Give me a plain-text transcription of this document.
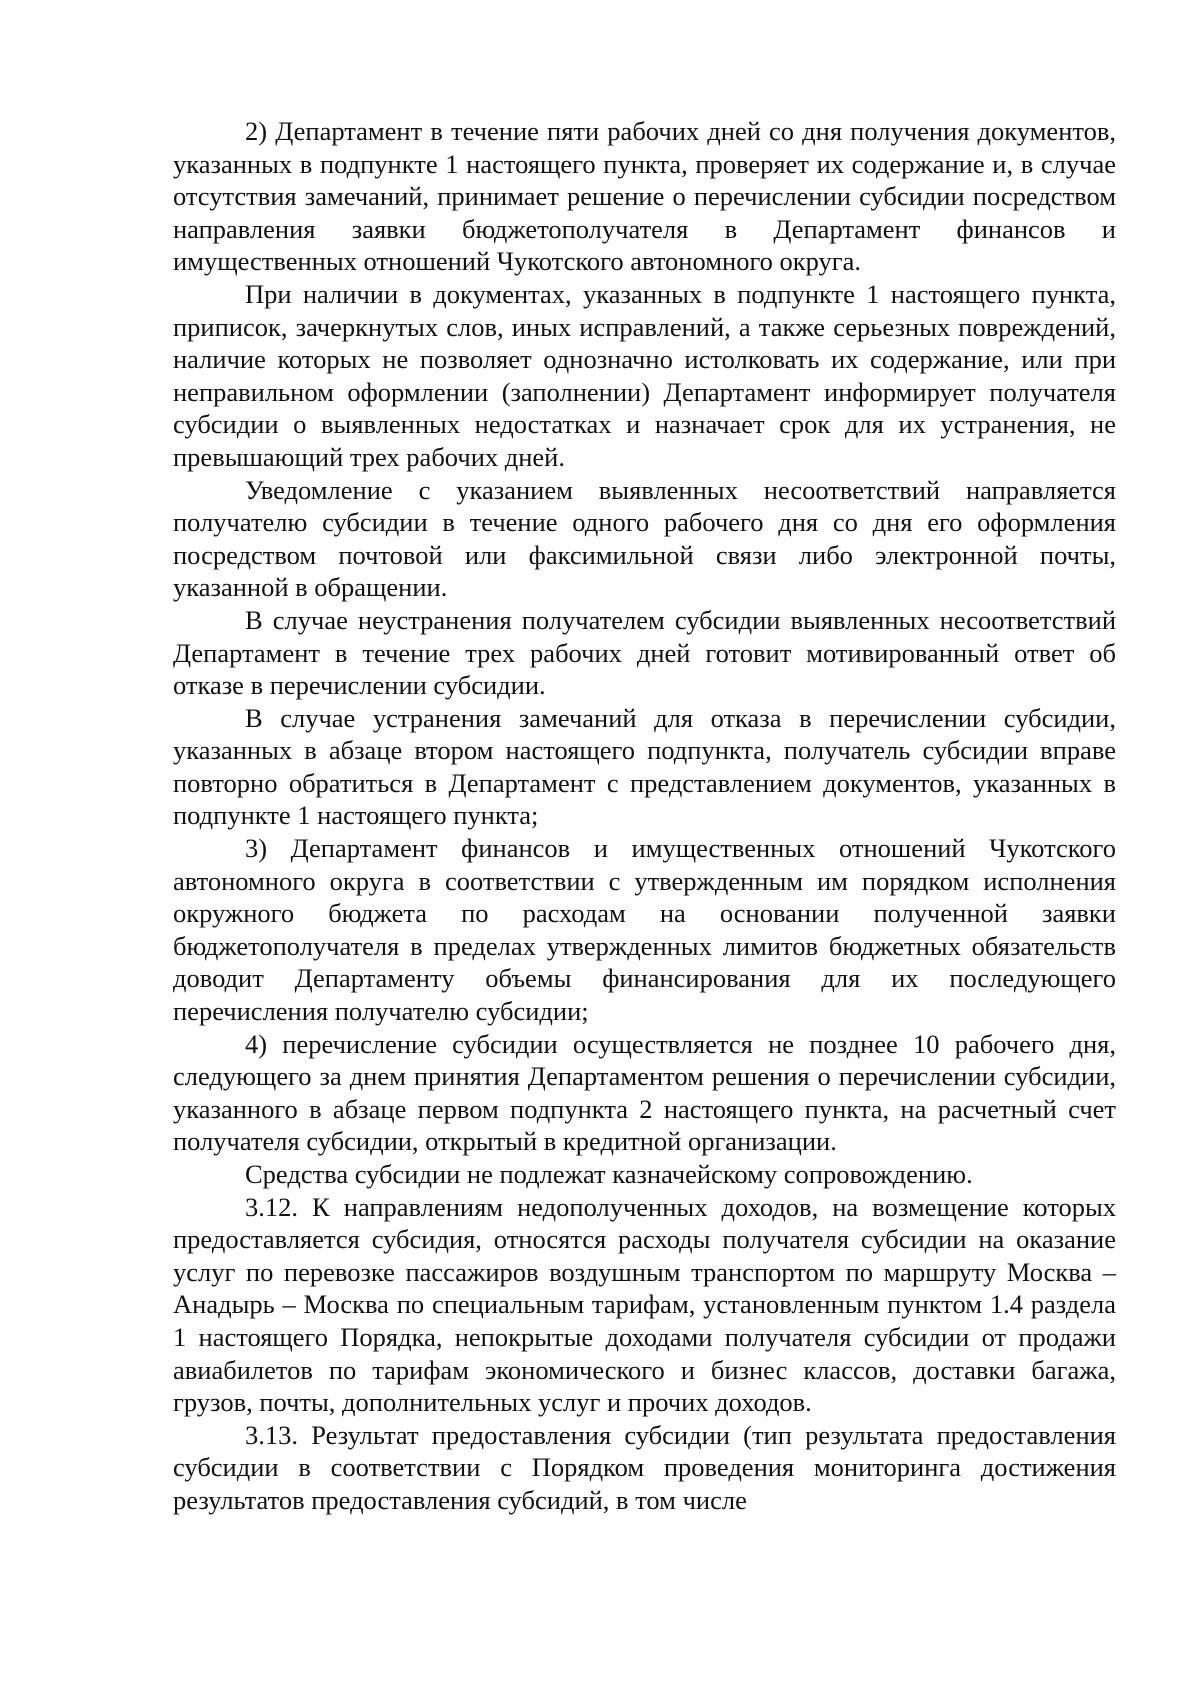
2) Департамент в течение пяти рабочих дней со дня получения документов, указанных в подпункте 1 настоящего пункта, проверяет их содержание и, в случае отсутствия замечаний, принимает решение о перечислении субсидии посредством направления заявки бюджетополучателя в Департамент финансов и имущественных отношений Чукотского автономного округа.

При наличии в документах, указанных в подпункте 1 настоящего пункта, приписок, зачеркнутых слов, иных исправлений, а также серьезных повреждений, наличие которых не позволяет однозначно истолковать их содержание, или при неправильном оформлении (заполнении) Департамент информирует получателя субсидии о выявленных недостатках и назначает срок для их устранения, не превышающий трех рабочих дней.

Уведомление с указанием выявленных несоответствий направляется получателю субсидии в течение одного рабочего дня со дня его оформления посредством почтовой или факсимильной связи либо электронной почты, указанной в обращении.

В случае неустранения получателем субсидии выявленных несоответствий Департамент в течение трех рабочих дней готовит мотивированный ответ об отказе в перечислении субсидии.

В случае устранения замечаний для отказа в перечислении субсидии, указанных в абзаце втором настоящего подпункта, получатель субсидии вправе повторно обратиться в Департамент с представлением документов, указанных в подпункте 1 настоящего пункта;

3) Департамент финансов и имущественных отношений Чукотского автономного округа в соответствии с утвержденным им порядком исполнения окружного бюджета по расходам на основании полученной заявки бюджетополучателя в пределах утвержденных лимитов бюджетных обязательств доводит Департаменту объемы финансирования для их последующего перечисления получателю субсидии;

4) перечисление субсидии осуществляется не позднее 10 рабочего дня, следующего за днем принятия Департаментом решения о перечислении субсидии, указанного в абзаце первом подпункта 2 настоящего пункта, на расчетный счет получателя субсидии, открытый в кредитной организации.

Средства субсидии не подлежат казначейскому сопровождению.

3.12. К направлениям недополученных доходов, на возмещение которых предоставляется субсидия, относятся расходы получателя субсидии на оказание услуг по перевозке пассажиров воздушным транспортом по маршруту Москва – Анадырь – Москва по специальным тарифам, установленным пунктом 1.4 раздела 1 настоящего Порядка, непокрытые доходами получателя субсидии от продажи авиабилетов по тарифам экономического и бизнес классов, доставки багажа, грузов, почты, дополнительных услуг и прочих доходов.

3.13. Результат предоставления субсидии (тип результата предоставления субсидии в соответствии с Порядком проведения мониторинга достижения результатов предоставления субсидий, в том числе
